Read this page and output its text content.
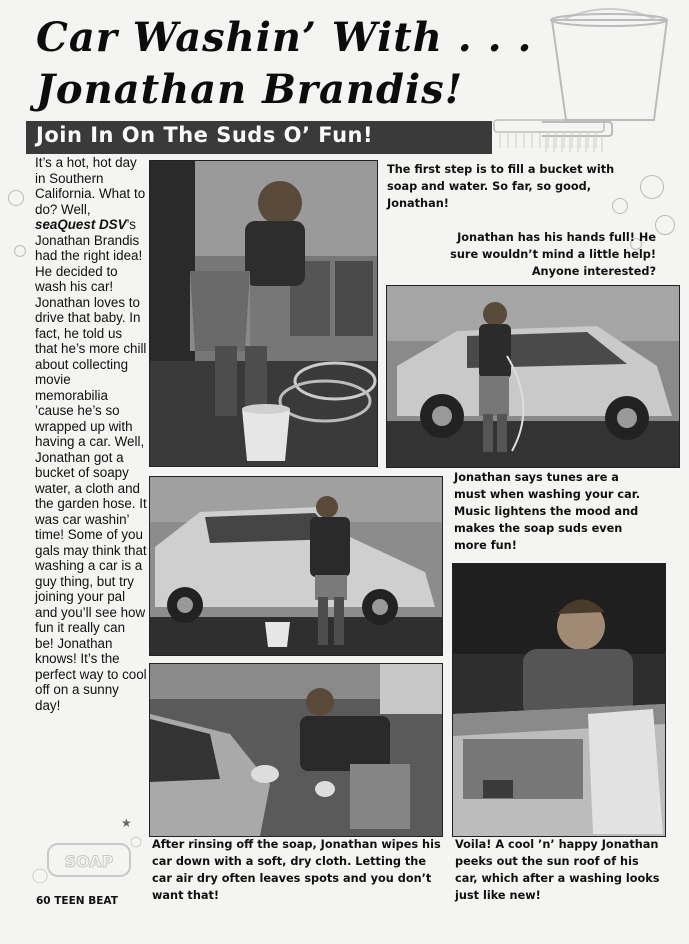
Car Washin’ With . . .
Jonathan Brandis!
Join In On The Suds O’ Fun!
It’s a hot, hot day in Southern California. What to do? Well, seaQuest DSV’s Jonathan Brandis had the right idea! He decided to wash his car! Jonathan loves to drive that baby. In fact, he told us that he’s more chill about collecting movie memorabilia ’cause he’s so wrapped up with having a car. Well, Jonathan got a bucket of soapy water, a cloth and the garden hose. It was car washin’ time! Some of you gals may think that washing a car is a guy thing, but try joining your pal and you’ll see how fun it really can be! Jonathan knows! It’s the perfect way to cool off on a sunny day!
★
The first step is to fill a bucket with soap and water. So far, so good, Jonathan!
Jonathan has his hands full! He sure wouldn’t mind a little help! Anyone interested?
Jonathan says tunes are a must when washing your car. Music lightens the mood and makes the soap suds even more fun!
After rinsing off the soap, Jonathan wipes his car down with a soft, dry cloth. Letting the car air dry often leaves spots and you don’t want that!
Voila! A cool ’n’ happy Jonathan peeks out the sun roof of his car, which after a washing looks just like new!
SOAP
60 TEEN BEAT
